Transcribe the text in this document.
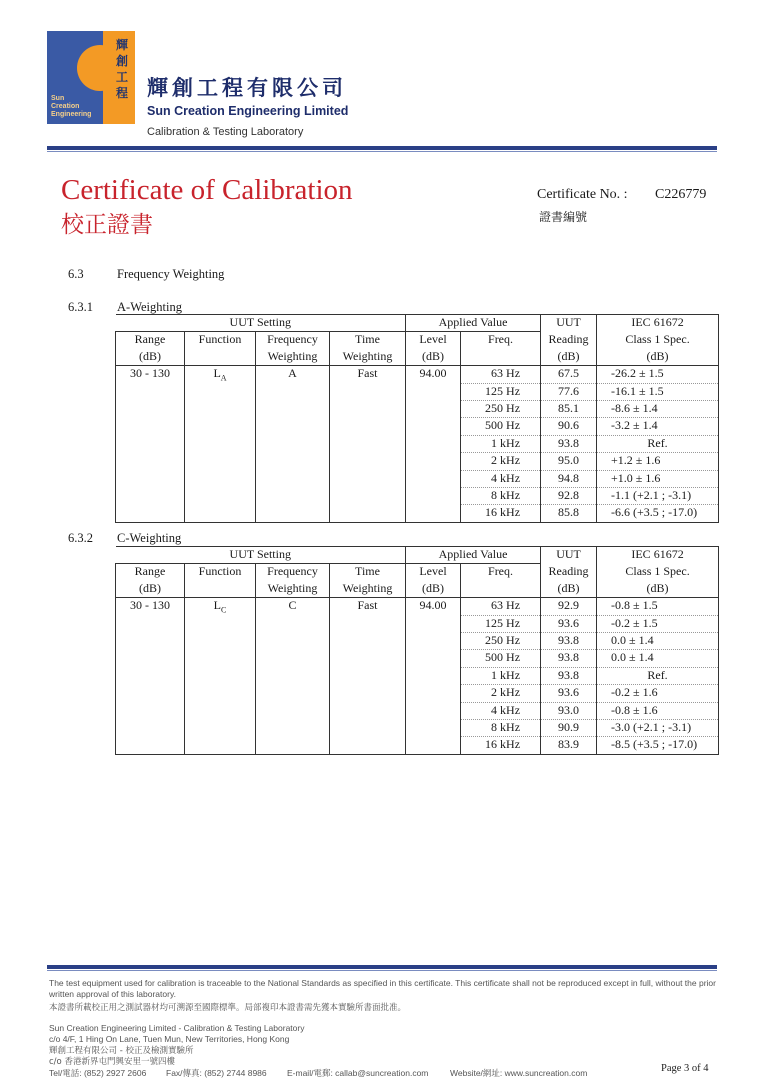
Sun
Creation
Engineering
輝創工程 輝創工程有限公司
Sun Creation Engineering Limited
Calibration & Testing Laboratory
Certificate of Calibration
校正證書
Certificate No. : C226779
證書編號
6.3	Frequency Weighting
6.3.1 A-Weighting
UUT Setting				Applied Value		UUT	IEC 61672
Range	Function	Frequency	Time	Level	Freq.	Reading	Class 1 Spec.
(dB)		Weighting	Weighting	(dB)		(dB)	(dB)
30 - 130	$L_A$	A	Fast	94.00	63 Hz	67.5	-26.2 ± 1.5
					125 Hz	77.6	-16.1 ± 1.5
					250 Hz	85.1	-8.6 ± 1.4
					500 Hz	90.6	-3.2 ± 1.4
					1 kHz	93.8	Ref.
					2 kHz	95.0	+1.2 ± 1.6
					4 kHz	94.8	+1.0 ± 1.6
					8 kHz	92.8	-1.1 (+2.1 ; -3.1)
					16 kHz	85.8	-6.6 (+3.5 ; -17.0)
6.3.2 C-Weighting
UUT Setting				Applied Value		UUT	IEC 61672
Range	Function	Frequency	Time	Level	Freq.	Reading	Class 1 Spec.
(dB)		Weighting	Weighting	(dB)		(dB)	(dB)
30 - 130	$L_C$	C	Fast	94.00	63 Hz	92.9	-0.8 ± 1.5
					125 Hz	93.6	-0.2 ± 1.5
					250 Hz	93.8	0.0 ± 1.4
					500 Hz	93.8	0.0 ± 1.4
					1 kHz	93.8	Ref.
					2 kHz	93.6	-0.2 ± 1.6
					4 kHz	93.0	-0.8 ± 1.6
					8 kHz	90.9	-3.0 (+2.1 ; -3.1)
					16 kHz	83.9	-8.5 (+3.5 ; -17.0)
The test equipment used for calibration is traceable to the National Standards as specified in this certificate. This certificate shall not be reproduced except in full, without the prior
written approval of this laboratory.
本證書所載校正用之測試器材均可溯源至國際標準。局部複印本證書需先獲本實驗所書面批准。
Sun Creation Engineering Limited - Calibration & Testing Laboratory
c/o 4/F, 1 Hing On Lane, Tuen Mun, New Territories, Hong Kong
輝創工程有限公司 - 校正及檢測實驗所
c/o 香港新界屯門興安里一號四樓
Tel/電話: (852) 2927 2606 Fax/傳真: (852) 2744 8986 E-mail/電郵: callab@suncreation.com	Website/網址: www.suncreation.com	Page 3 of 4
